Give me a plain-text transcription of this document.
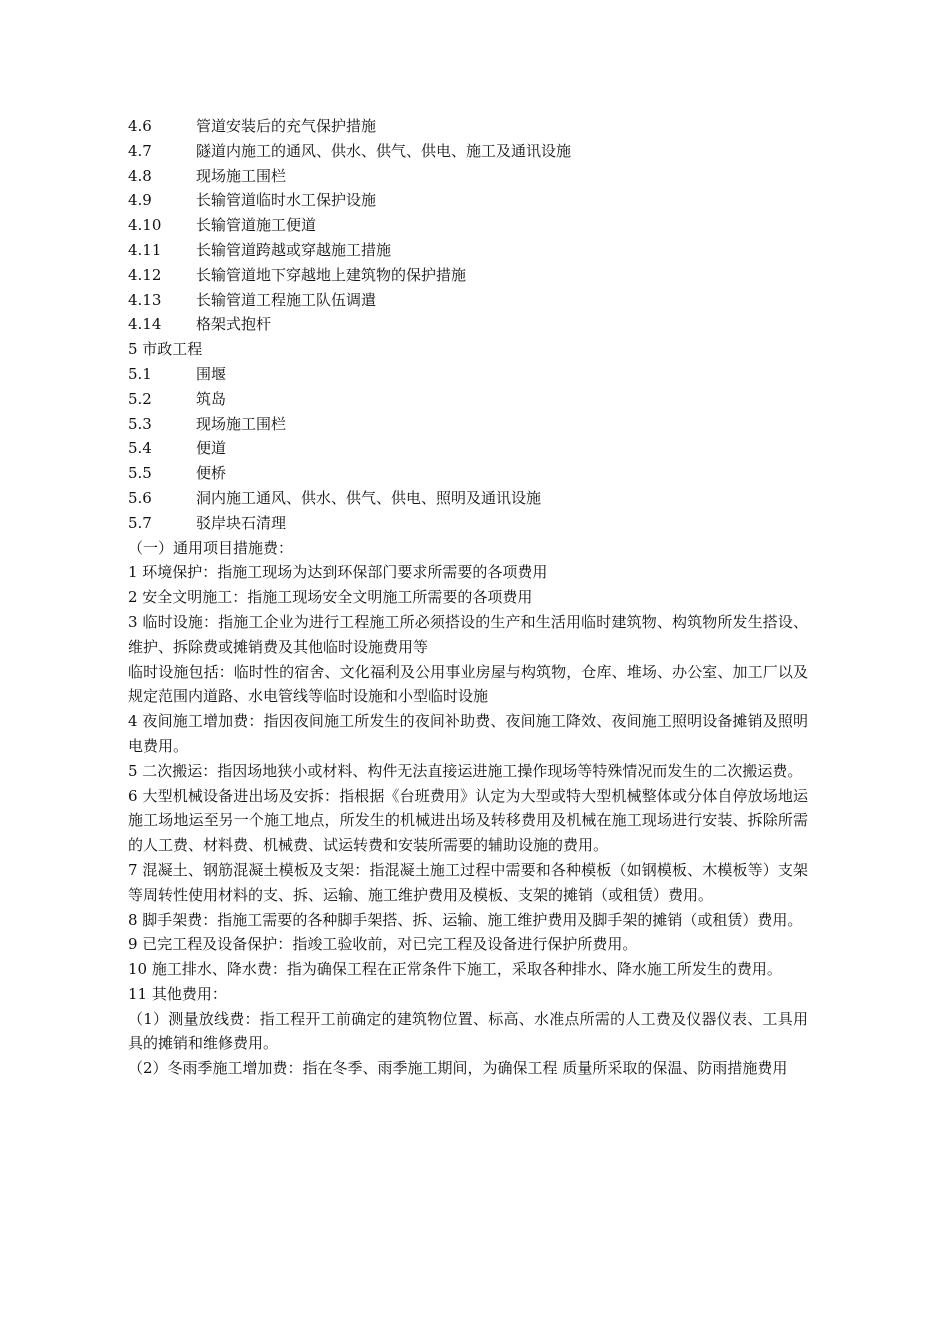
4.6	管道安装后的充气保护措施
4.7	隧道内施工的通风、供水、供气、供电、施工及通讯设施
4.8	现场施工围栏
4.9	长输管道临时水工保护设施
4.10	长输管道施工便道
4.11	长输管道跨越或穿越施工措施
4.12	长输管道地下穿越地上建筑物的保护措施
4.13	长输管道工程施工队伍调遣
4.14	格架式抱杆
5 市政工程
5.1	围堰
5.2	筑岛
5.3	现场施工围栏
5.4	便道
5.5	便桥
5.6	洞内施工通风、供水、供气、供电、照明及通讯设施
5.7	驳岸块石清理
（一）通用项目措施费：
1 环境保护：指施工现场为达到环保部门要求所需要的各项费用
2 安全文明施工：指施工现场安全文明施工所需要的各项费用
3 临时设施：指施工企业为进行工程施工所必须搭设的生产和生活用临时建筑物、构筑物所发生搭设、维护、拆除费或摊销费及其他临时设施费用等
临时设施包括：临时性的宿舍、文化福利及公用事业房屋与构筑物，仓库、堆场、办公室、加工厂以及规定范围内道路、水电管线等临时设施和小型临时设施
4 夜间施工增加费：指因夜间施工所发生的夜间补助费、夜间施工降效、夜间施工照明设备摊销及照明电费用。
5 二次搬运：指因场地狭小或材料、构件无法直接运进施工操作现场等特殊情况而发生的二次搬运费。
6 大型机械设备进出场及安拆：指根据《台班费用》认定为大型或特大型机械整体或分体自停放场地运施工场地运至另一个施工地点，所发生的机械进出场及转移费用及机械在施工现场进行安装、拆除所需的人工费、材料费、机械费、试运转费和安装所需要的辅助设施的费用。
7 混凝土、钢筋混凝土模板及支架：指混凝土施工过程中需要和各种模板（如钢模板、木模板等）支架等周转性使用材料的支、拆、运输、施工维护费用及模板、支架的摊销（或租赁）费用。
8 脚手架费：指施工需要的各种脚手架搭、拆、运输、施工维护费用及脚手架的摊销（或租赁）费用。
9 已完工程及设备保护：指竣工验收前，对已完工程及设备进行保护所费用。
10 施工排水、降水费：指为确保工程在正常条件下施工，采取各种排水、降水施工所发生的费用。
11 其他费用：
（1）测量放线费：指工程开工前确定的建筑物位置、标高、水准点所需的人工费及仪器仪表、工具用具的摊销和维修费用。
（2）冬雨季施工增加费：指在冬季、雨季施工期间，为确保工程 质量所采取的保温、防雨措施费用
